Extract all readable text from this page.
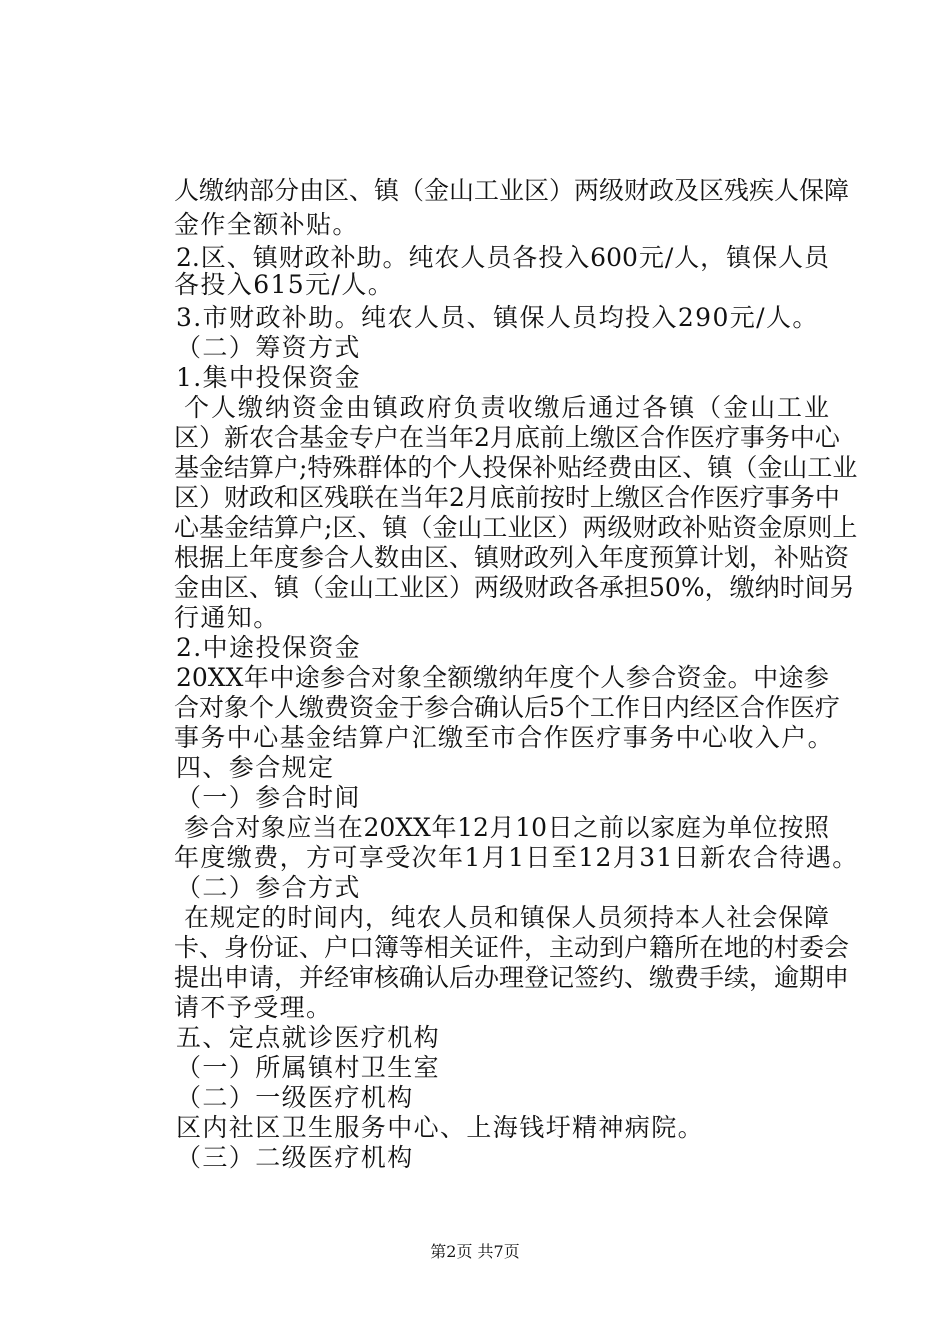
人缴纳部分由区、镇（金山工业区）两级财政及区残疾人保障
金作全额补贴。
2.区、镇财政补助。纯农人员各投入600元/人，镇保人员
各投入615元/人。
3.市财政补助。纯农人员、镇保人员均投入290元/人。
（二）筹资方式
1.集中投保资金
个人缴纳资金由镇政府负责收缴后通过各镇（金山工业
区）新农合基金专户在当年2月底前上缴区合作医疗事务中心
基金结算户;特殊群体的个人投保补贴经费由区、镇（金山工业
区）财政和区残联在当年2月底前按时上缴区合作医疗事务中
心基金结算户;区、镇（金山工业区）两级财政补贴资金原则上
根据上年度参合人数由区、镇财政列入年度预算计划，补贴资
金由区、镇（金山工业区）两级财政各承担50%，缴纳时间另
行通知。
2.中途投保资金
20XX年中途参合对象全额缴纳年度个人参合资金。中途参
合对象个人缴费资金于参合确认后5个工作日内经区合作医疗
事务中心基金结算户汇缴至市合作医疗事务中心收入户。
四、参合规定
（一）参合时间
参合对象应当在20XX年12月10日之前以家庭为单位按照
年度缴费，方可享受次年1月1日至12月31日新农合待遇。
（二）参合方式
在规定的时间内，纯农人员和镇保人员须持本人社会保障
卡、身份证、户口簿等相关证件，主动到户籍所在地的村委会
提出申请，并经审核确认后办理登记签约、缴费手续，逾期申
请不予受理。
五、定点就诊医疗机构
（一）所属镇村卫生室
（二）一级医疗机构
区内社区卫生服务中心、上海钱圩精神病院。
（三）二级医疗机构
第2页 共7页
